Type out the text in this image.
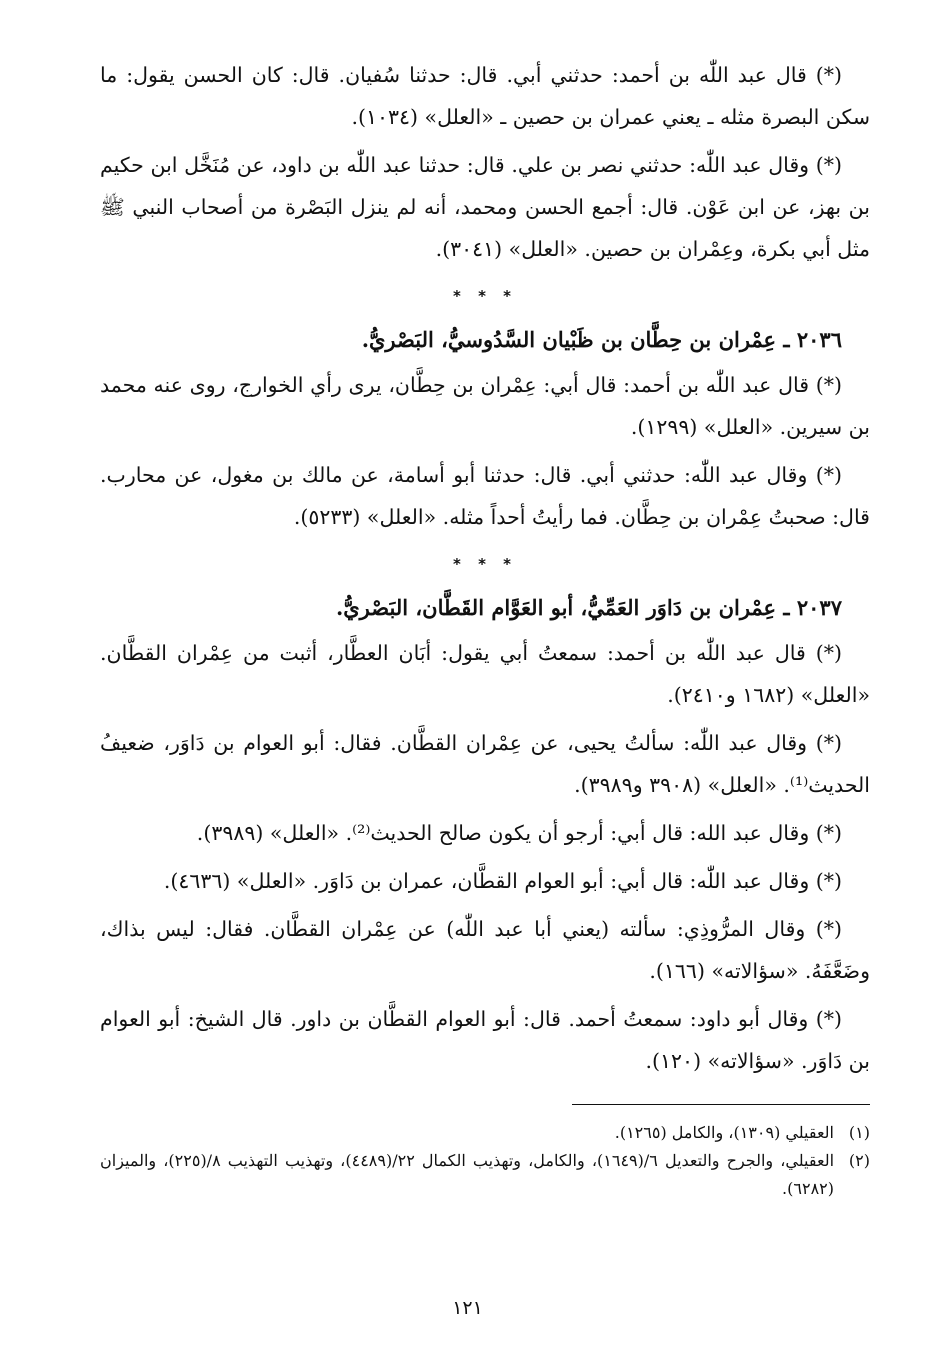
(*) قال عبد اللّٰه بن أحمد: حدثني أبي. قال: حدثنا سُفيان. قال: كان الحسن يقول: ما سكن البصرة مثله ـ يعني عمران بن حصين ـ «العلل» (١٠٣٤).

(*) وقال عبد اللّٰه: حدثني نصر بن علي. قال: حدثنا عبد اللّٰه بن داود، عن مُنَخَّل ابن حكيم بن بهز، عن ابن عَوْن. قال: أجمع الحسن ومحمد، أنه لم ينزل البَصْرة من أصحاب النبي ﷺ مثل أبي بكرة، وعِمْران بن حصين. «العلل» (٣٠٤١).

* * *
٢٠٣٦ ـ عِمْران بن حِطَّان بن ظَبْيان السَّدُوسيُّ، البَصْريُّ.

(*) قال عبد اللّٰه بن أحمد: قال أبي: عِمْران بن حِطَّان، يرى رأي الخوارج، روى عنه محمد بن سيرين. «العلل» (١٢٩٩).

(*) وقال عبد اللّٰه: حدثني أبي. قال: حدثنا أبو أسامة، عن مالك بن مغول، عن محارب. قال: صحبتُ عِمْران بن حِطَّان. فما رأيتُ أحداً مثله. «العلل» (٥٢٣٣).

* * *
٢٠٣٧ ـ عِمْران بن دَاوَر العَمِّيُّ، أبو العَوَّام القَطَّان، البَصْريُّ.

(*) قال عبد اللّٰه بن أحمد: سمعتُ أبي يقول: أبَان العطَّار، أثبت من عِمْران القطَّان. «العلل» (١٦٨٢ و٢٤١٠).

(*) وقال عبد اللّٰه: سألتُ يحيى، عن عِمْران القطَّان. فقال: أبو العوام بن دَاوَر، ضعيفُ الحديث⁽¹⁾. «العلل» (٣٩٠٨ و٣٩٨٩).

(*) وقال عبد الله: قال أبي: أرجو أن يكون صالح الحديث⁽²⁾. «العلل» (٣٩٨٩).

(*) وقال عبد اللّٰه: قال أبي: أبو العوام القطَّان، عمران بن دَاوَر. «العلل» (٤٦٣٦).

(*) وقال المرُّوذِي: سألته (يعني أبا عبد اللّٰه) عن عِمْران القطَّان. فقال: ليس بذاك، وضَعَّفَهُ. «سؤالاته» (١٦٦).

(*) وقال أبو داود: سمعتُ أحمد. قال: أبو العوام القطَّان بن داور. قال الشيخ: أبو العوام بن دَاوَر. «سؤالاته» (١٢٠).

(١)العقيلي (١٣٠٩)، والكامل (١٢٦٥).

(٢)العقيلي، والجرح والتعديل ٦/(١٦٤٩)، والكامل، وتهذيب الكمال ٢٢/(٤٤٨٩)، وتهذيب التهذيب ٨/(٢٢٥)، والميزان (٦٢٨٢).

١٢١
